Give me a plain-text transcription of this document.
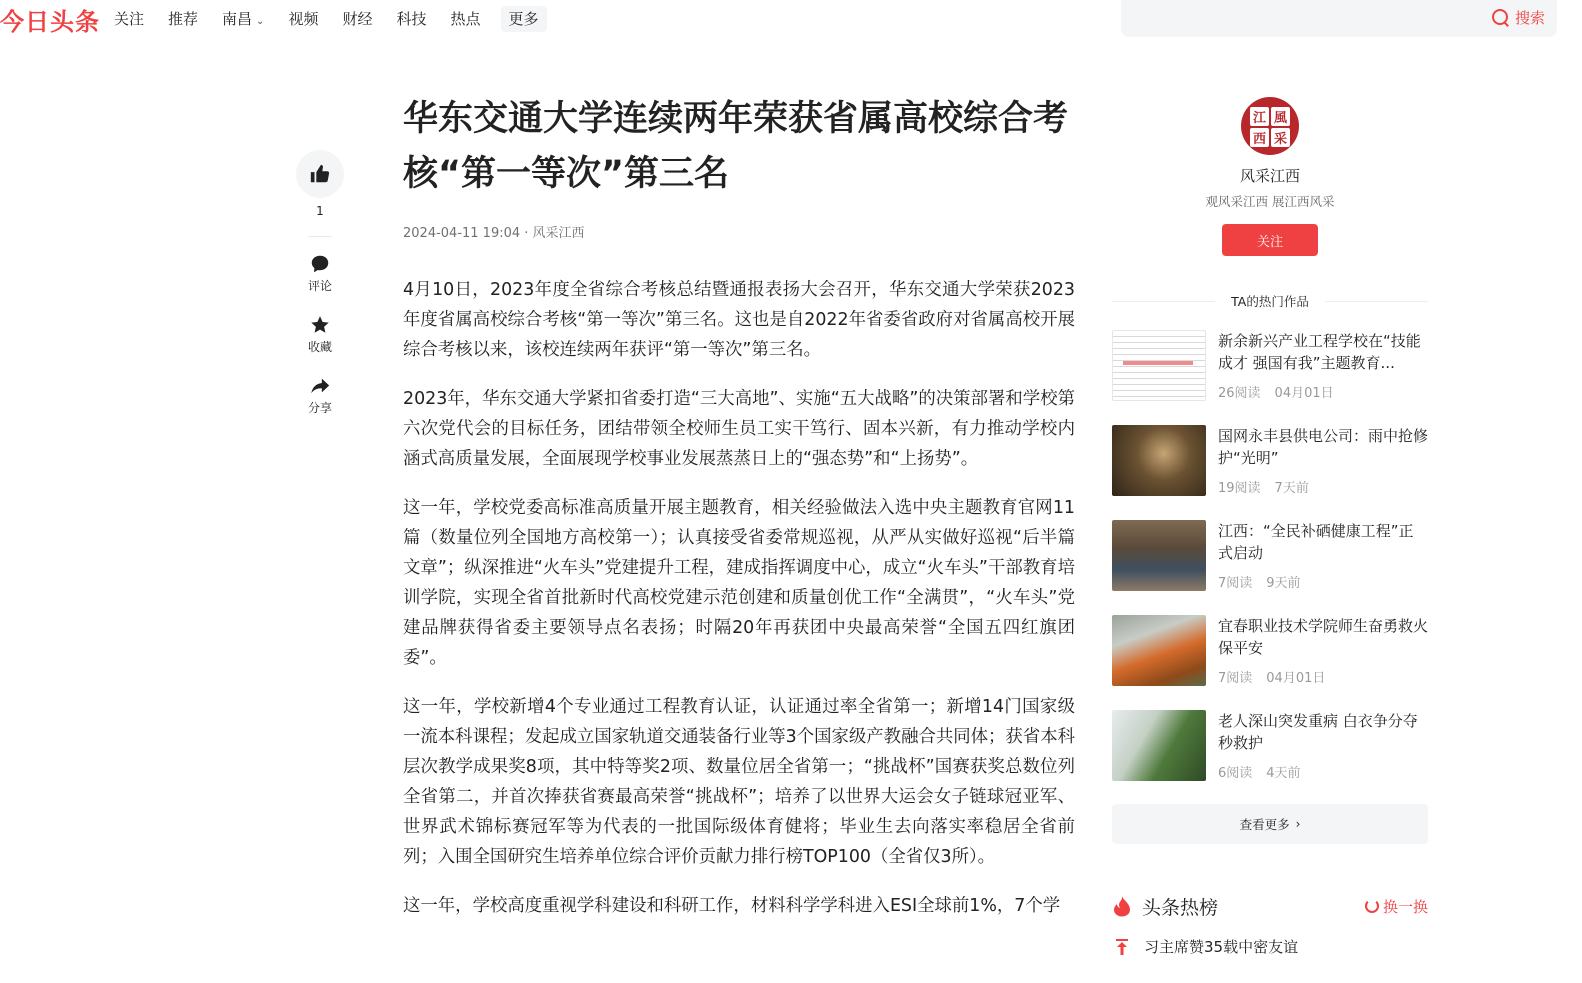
今日头条 关注 推荐 南昌 ⌄ 视频 财经 科技 热点	更多	搜索
1
评论
收藏
分享
华东交通大学连续两年荣获省属高校综合考核“第一等次”第三名
2024-04-11 19:04 · 风采江西

4月10日，2023年度全省综合考核总结暨通报表扬大会召开，华东交通大学荣获2023年度省属高校综合考核“第一等次”第三名。这也是自2022年省委省政府对省属高校开展综合考核以来，该校连续两年获评“第一等次”第三名。

2023年，华东交通大学紧扣省委打造“三大高地”、实施“五大战略”的决策部署和学校第六次党代会的目标任务，团结带领全校师生员工实干笃行、固本兴新，有力推动学校内涵式高质量发展，全面展现学校事业发展蒸蒸日上的“强态势”和“上扬势”。

这一年，学校党委高标准高质量开展主题教育，相关经验做法入选中央主题教育官网11篇（数量位列全国地方高校第一）；认真接受省委常规巡视，从严从实做好巡视“后半篇文章”；纵深推进“火车头”党建提升工程，建成指挥调度中心，成立“火车头”干部教育培训学院，实现全省首批新时代高校党建示范创建和质量创优工作“全满贯”，“火车头”党建品牌获得省委主要领导点名表扬；时隔20年再获团中央最高荣誉“全国五四红旗团委”。

这一年，学校新增4个专业通过工程教育认证，认证通过率全省第一；新增14门国家级一流本科课程；发起成立国家轨道交通装备行业等3个国家级产教融合共同体；获省本科层次教学成果奖8项，其中特等奖2项、数量位居全省第一；“挑战杯”国赛获奖总数位列全省第二，并首次捧获省赛最高荣誉“挑战杯”；培养了以世界大运会女子链球冠亚军、世界武术锦标赛冠军等为代表的一批国际级体育健将；毕业生去向落实率稳居全省前列；入围全国研究生培养单位综合评价贡献力排行榜TOP100（全省仅3所）。

这一年，学校高度重视学科建设和科研工作，材料科学学科进入ESI全球前1%，7个学

江 風
西 采
风采江西
观风采江西 展江西风采
关注
TA的热门作品
新余新兴产业工程学校在“技能成才 强国有我”主题教育...
26阅读 04月01日
国网永丰县供电公司：雨中抢修护“光明”
19阅读 7天前
江西：“全民补硒健康工程”正式启动
7阅读 9天前
宜春职业技术学院师生奋勇救火保平安
7阅读 04月01日
老人深山突发重病 白衣争分夺秒救护
6阅读 4天前
查看更多 ›
头条热榜	换一换
习主席赞35载中密友谊
